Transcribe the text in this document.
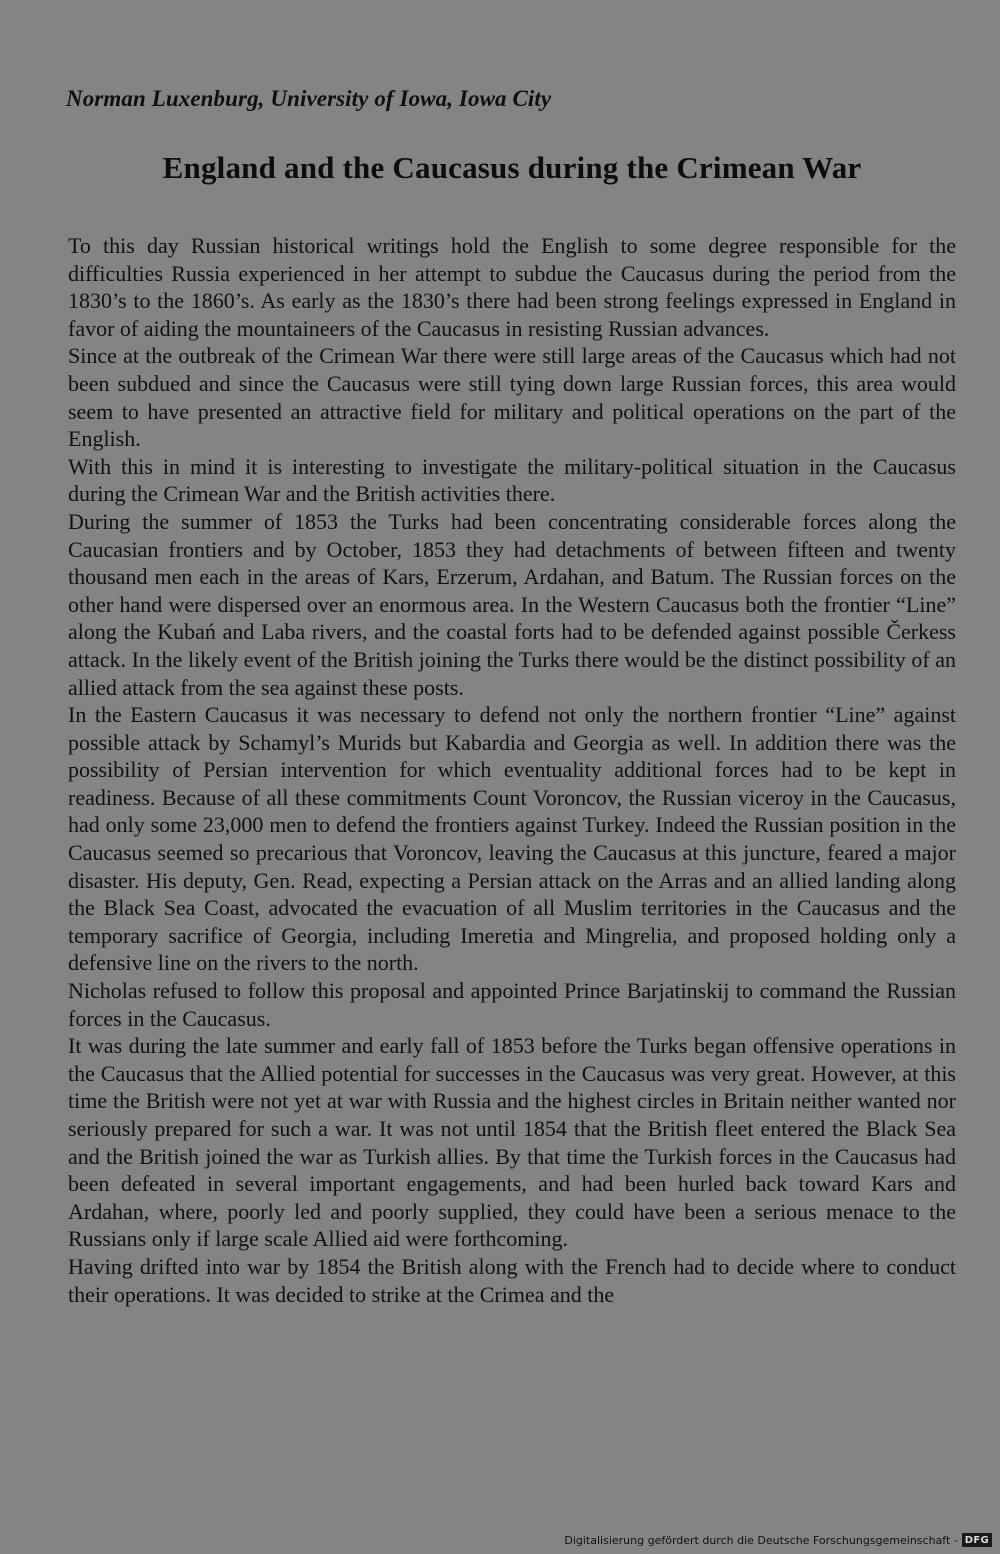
Norman Luxenburg, University of Iowa, Iowa City
England and the Caucasus during the Crimean War

To this day Russian historical writings hold the English to some degree responsible for the difficulties Russia experienced in her attempt to subdue the Caucasus during the period from the 1830’s to the 1860’s. As early as the 1830’s there had been strong feelings expressed in England in favor of aiding the mountaineers of the Caucasus in resisting Russian advances.

Since at the outbreak of the Crimean War there were still large areas of the Caucasus which had not been subdued and since the Caucasus were still tying down large Russian forces, this area would seem to have presented an attractive field for military and political operations on the part of the English.

With this in mind it is interesting to investigate the military-political situation in the Caucasus during the Crimean War and the British activities there.

During the summer of 1853 the Turks had been concentrating considerable forces along the Caucasian frontiers and by October, 1853 they had detachments of between fifteen and twenty thousand men each in the areas of Kars, Erzerum, Ardahan, and Batum. The Russian forces on the other hand were dispersed over an enormous area. In the Western Caucasus both the frontier “Line” along the Kubań and Laba rivers, and the coastal forts had to be defended against possible Čerkess attack. In the likely event of the British joining the Turks there would be the distinct possibility of an allied attack from the sea against these posts.

In the Eastern Caucasus it was necessary to defend not only the northern frontier “Line” against possible attack by Schamyl’s Murids but Kabardia and Georgia as well. In addition there was the possibility of Persian intervention for which eventuality additional forces had to be kept in readiness. Because of all these commitments Count Voroncov, the Russian viceroy in the Caucasus, had only some 23,000 men to defend the frontiers against Turkey. Indeed the Russian position in the Caucasus seemed so precarious that Voroncov, leaving the Caucasus at this juncture, feared a major disaster. His deputy, Gen. Read, expecting a Persian attack on the Arras and an allied landing along the Black Sea Coast, advocated the evacuation of all Muslim territories in the Caucasus and the temporary sacrifice of Georgia, including Imeretia and Mingrelia, and proposed holding only a defensive line on the rivers to the north.

Nicholas refused to follow this proposal and appointed Prince Barjatinskij to command the Russian forces in the Caucasus.

It was during the late summer and early fall of 1853 before the Turks began offensive operations in the Caucasus that the Allied potential for successes in the Caucasus was very great. However, at this time the British were not yet at war with Russia and the highest circles in Britain neither wanted nor seriously prepared for such a war. It was not until 1854 that the British fleet entered the Black Sea and the British joined the war as Turkish allies. By that time the Turkish forces in the Caucasus had been defeated in several important engagements, and had been hurled back toward Kars and Ardahan, where, poorly led and poorly supplied, they could have been a serious menace to the Russians only if large scale Allied aid were forthcoming.

Having drifted into war by 1854 the British along with the French had to decide where to conduct their operations. It was decided to strike at the Crimea and the

Digitalisierung gefördert durch die Deutsche Forschungsgemeinschaft - DFG
